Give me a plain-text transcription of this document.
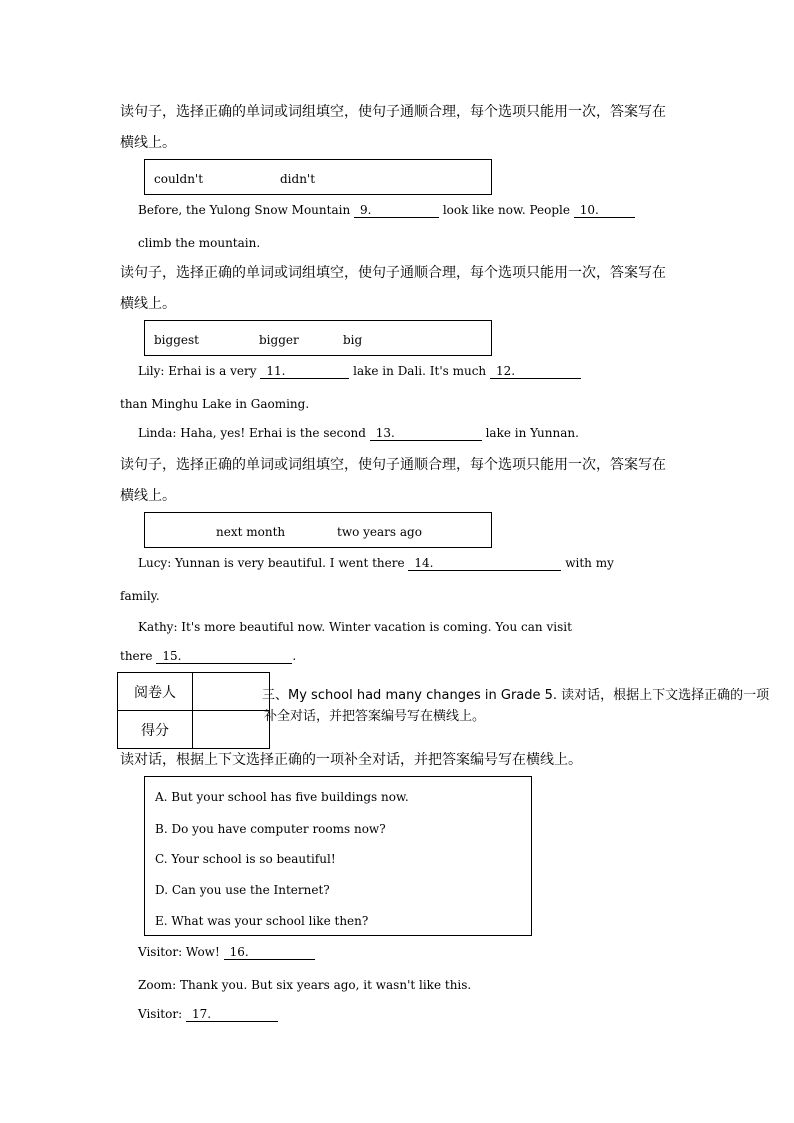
读句子，选择正确的单词或词组填空，使句子通顺合理，每个选项只能用一次，答案写在
横线上。
couldn't	didn't
Before, the Yulong Snow Mountain 9.	look like now. People 10.
climb the mountain.
读句子，选择正确的单词或词组填空，使句子通顺合理，每个选项只能用一次，答案写在
横线上。
biggest	bigger	big
Lily: Erhai is a very 11.	lake in Dali. It's much 12.
than Minghu Lake in Gaoming.
Linda: Haha, yes! Erhai is the second 13.	lake in Yunnan.
读句子，选择正确的单词或词组填空，使句子通顺合理，每个选项只能用一次，答案写在
横线上。
next month	two years ago
Lucy: Yunnan is very beautiful. I went there 14.	with my
family.
Kathy: It's more beautiful now. Winter vacation is coming. You can visit
there 15.	.
阅卷人	
得分	
三、My school had many changes in Grade 5. 读对话，根据上下文选择正确的一项
补全对话，并把答案编号写在横线上。
读对话，根据上下文选择正确的一项补全对话，并把答案编号写在横线上。
A. But your school has five buildings now.
B. Do you have computer rooms now?
C. Your school is so beautiful!
D. Can you use the Internet?
E. What was your school like then?
Visitor: Wow! 16.
Zoom: Thank you. But six years ago, it wasn't like this.
Visitor: 17.
